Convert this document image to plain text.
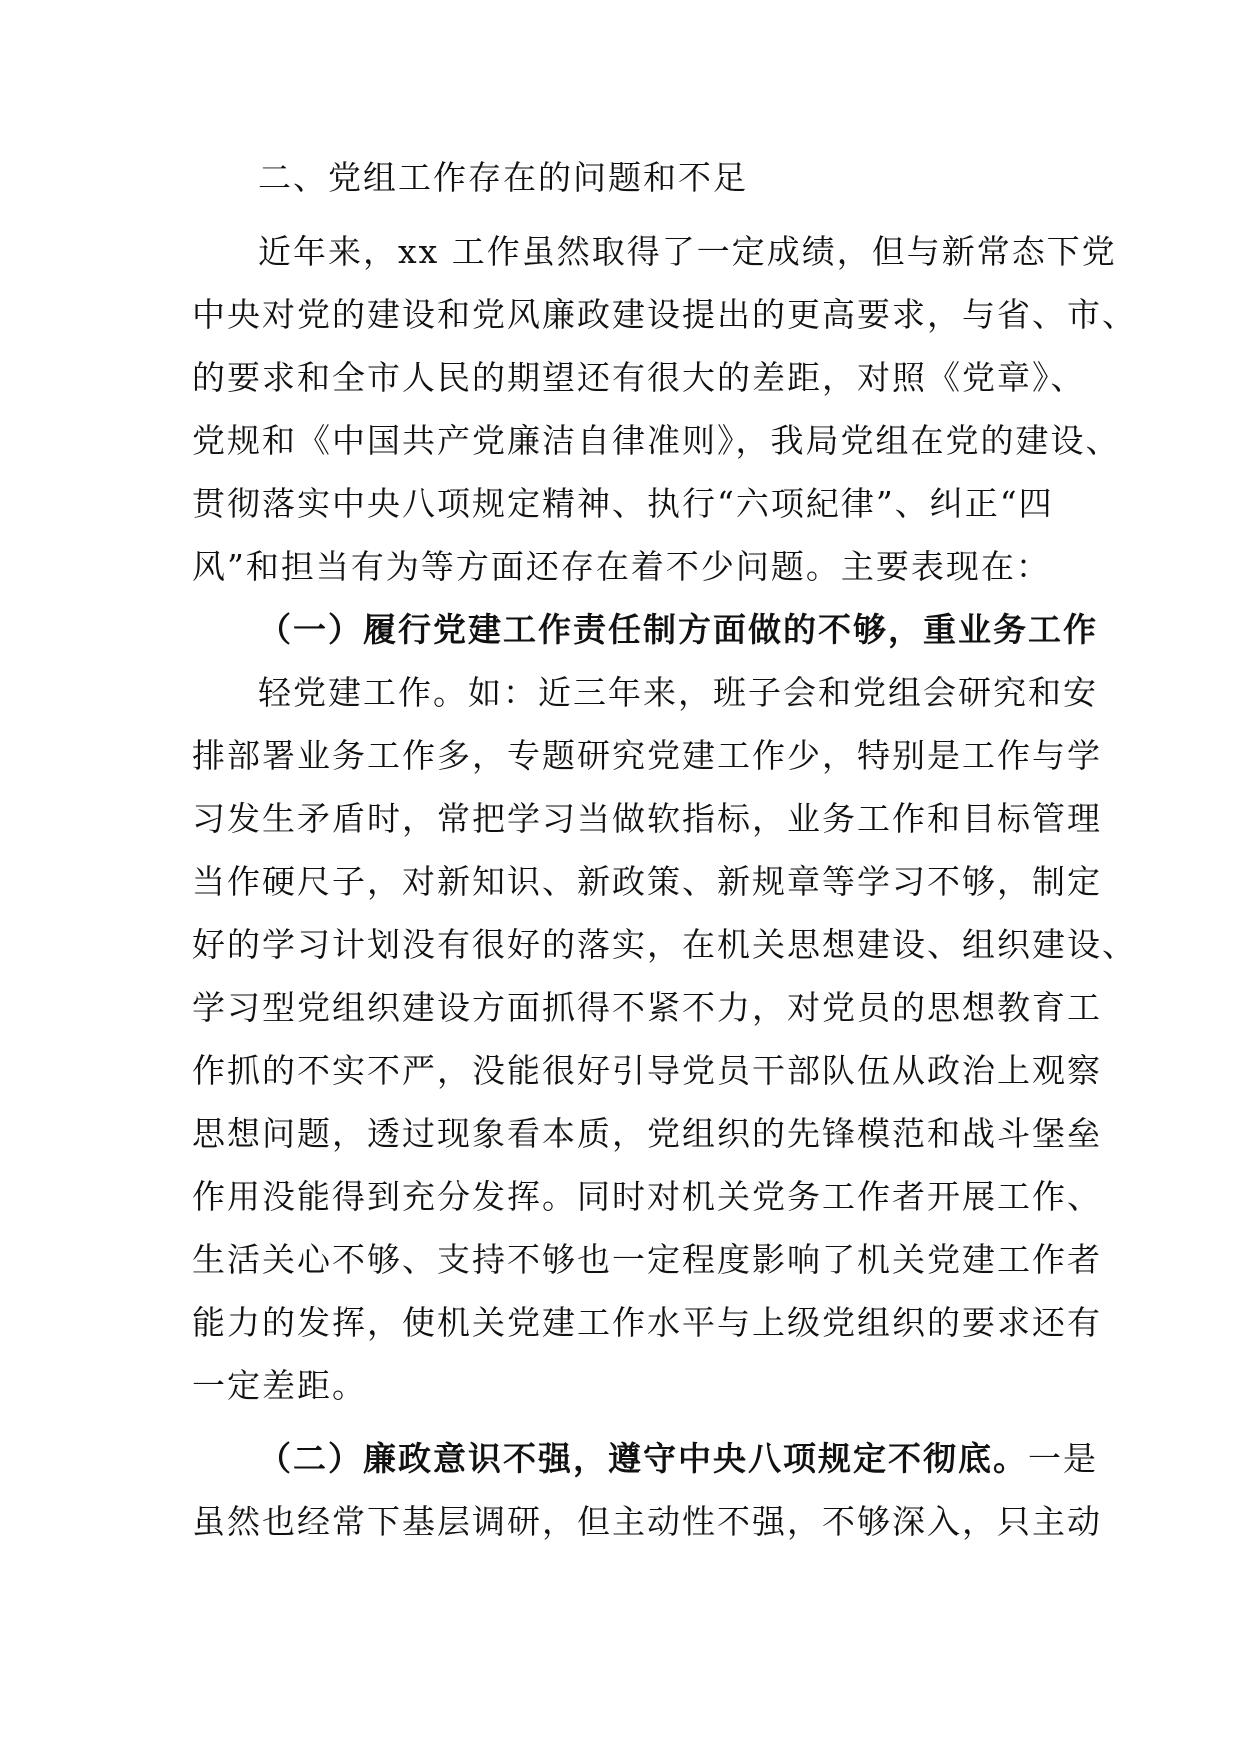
二、党组工作存在的问题和不足
近年来，xx 工作虽然取得了一定成绩，但与新常态下党
中央对党的建设和党风廉政建设提出的更高要求，与省、市、
的要求和全市人民的期望还有很大的差距，对照《党章》、
党规和《中国共产党廉洁自律准则》，我局党组在党的建设、
贯彻落实中央八项规定精神、执行“六项紀律”、纠正“四
风”和担当有为等方面还存在着不少问题。主要表现在：
（一）履行党建工作责任制方面做的不够，重业务工作
轻党建工作。如：近三年来，班子会和党组会研究和安
排部署业务工作多，专题研究党建工作少，特别是工作与学
习发生矛盾时，常把学习当做软指标，业务工作和目标管理
当作硬尺子，对新知识、新政策、新规章等学习不够，制定
好的学习计划没有很好的落实，在机关思想建设、组织建设、
学习型党组织建设方面抓得不紧不力，对党员的思想教育工
作抓的不实不严，没能很好引导党员干部队伍从政治上观察
思想问题，透过现象看本质，党组织的先锋模范和战斗堡垒
作用没能得到充分发挥。同时对机关党务工作者开展工作、
生活关心不够、支持不够也一定程度影响了机关党建工作者
能力的发挥，使机关党建工作水平与上级党组织的要求还有
一定差距。
（二）廉政意识不强，遵守中央八项规定不彻底。一是
虽然也经常下基层调研，但主动性不强，不够深入，只主动
